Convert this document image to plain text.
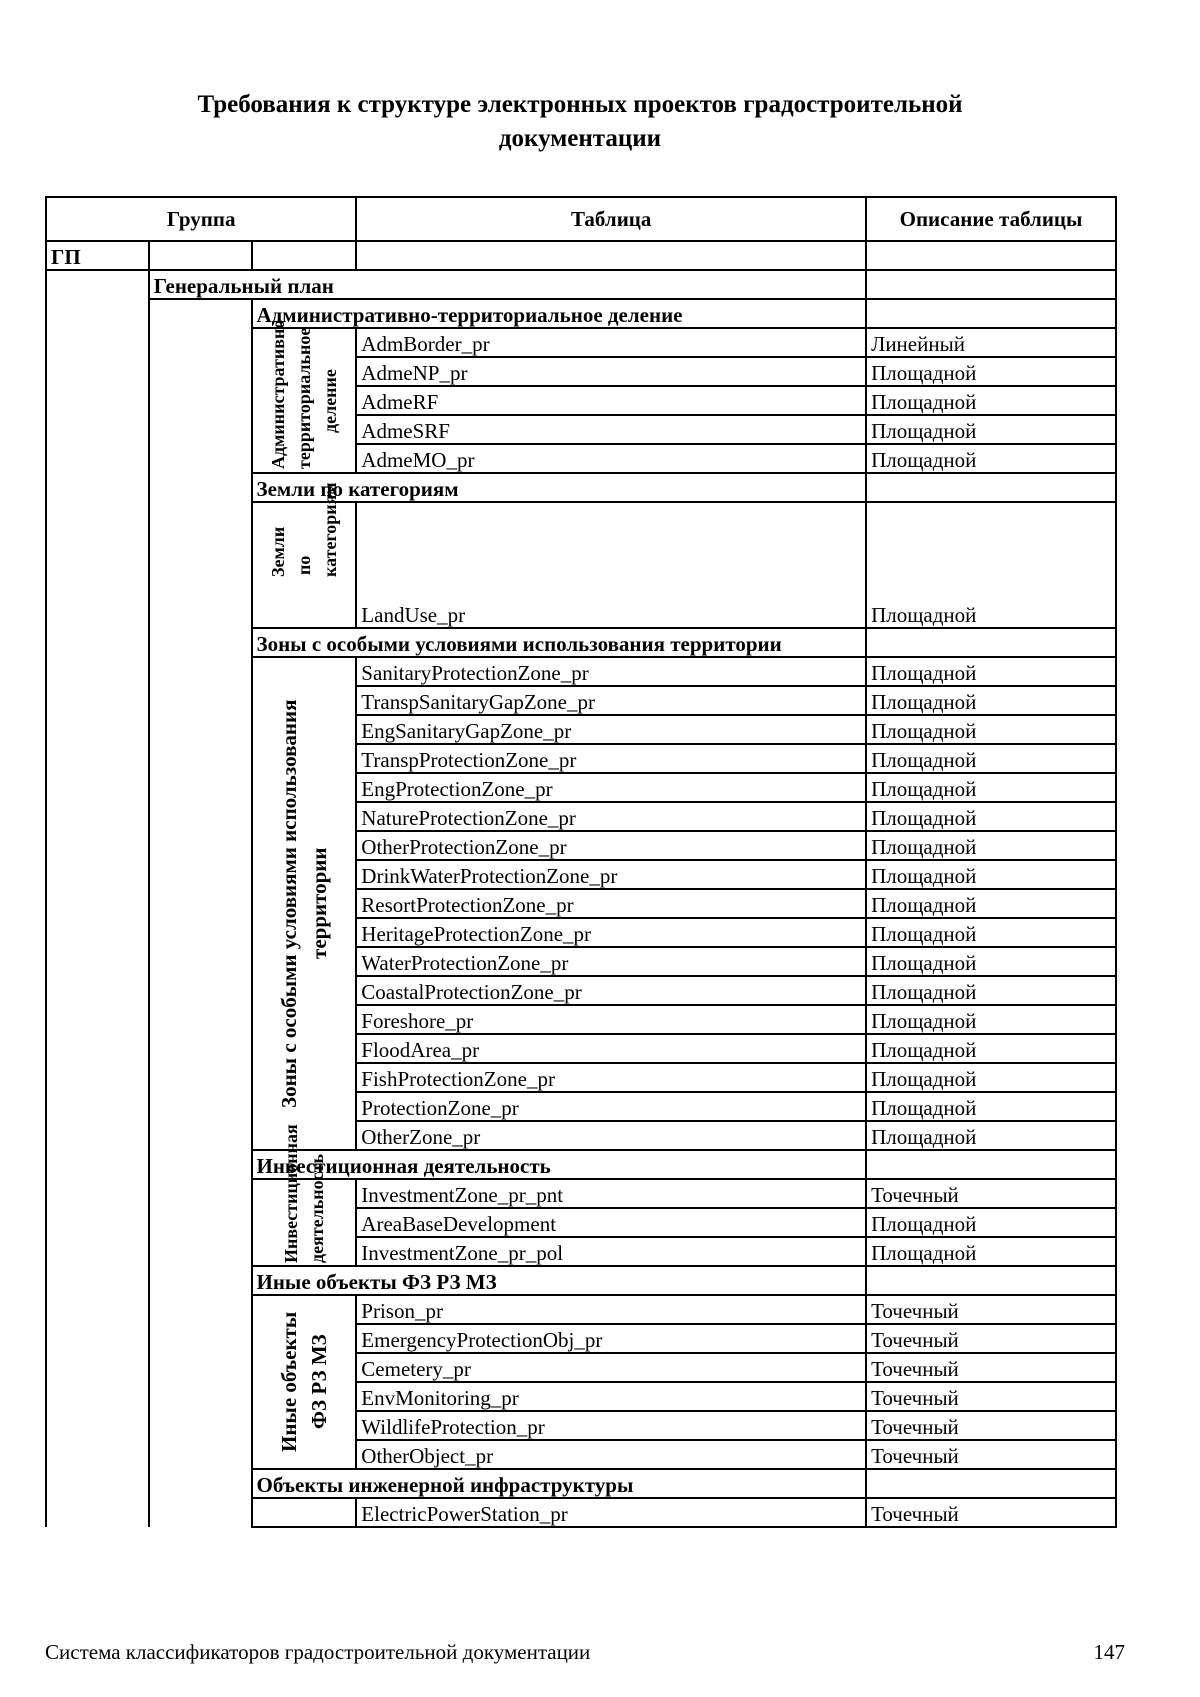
Требования к структуре электронных проектов градостроительной
документации
Группа			Таблица	Описание таблицы
ГП				
	Генеральный план			
		Административно-территориальное деление		

		Административно-территориальное деление	AdmBorder_pr	Линейный
			AdmeNP_pr	Площадной
			AdmeRF	Площадной
			AdmeSRF	Площадной
			AdmeMO_pr	Площадной
		Земли по категориям		

		Земли по категориям	LandUse_pr	Площадной
		Зоны с особыми условиями использования территории		

		Зоны с особыми условиями использования территории	SanitaryProtectionZone_pr	Площадной
			TranspSanitaryGapZone_pr	Площадной
			EngSanitaryGapZone_pr	Площадной
			TranspProtectionZone_pr	Площадной
			EngProtectionZone_pr	Площадной
			NatureProtectionZone_pr	Площадной
			OtherProtectionZone_pr	Площадной
			DrinkWaterProtectionZone_pr	Площадной
			ResortProtectionZone_pr	Площадной
			HeritageProtectionZone_pr	Площадной
			WaterProtectionZone_pr	Площадной
			CoastalProtectionZone_pr	Площадной
			Foreshore_pr	Площадной
			FloodArea_pr	Площадной
			FishProtectionZone_pr	Площадной
			ProtectionZone_pr	Площадной
			OtherZone_pr	Площадной
		Инвестиционная деятельность		

		Инвестиционная деятельность	InvestmentZone_pr_pnt	Точечный
			AreaBaseDevelopment	Площадной
			InvestmentZone_pr_pol	Площадной
		Иные объекты ФЗ РЗ МЗ		

		Иные объекты ФЗ РЗ МЗ	Prison_pr	Точечный
			EmergencyProtectionObj_pr	Точечный
			Cemetery_pr	Точечный
			EnvMonitoring_pr	Точечный
			WildlifeProtection_pr	Точечный
			OtherObject_pr	Точечный
		Объекты инженерной инфраструктуры		
			ElectricPowerStation_pr	Точечный
Система классификаторов градостроительной документации	147
